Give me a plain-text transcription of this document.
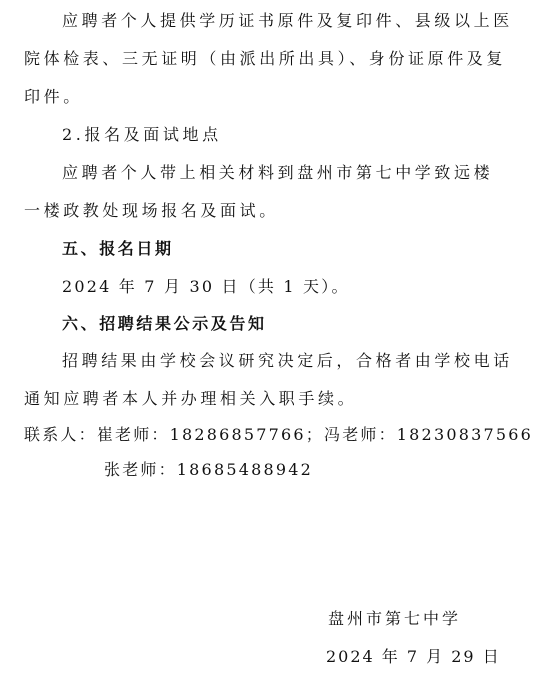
应聘者个人提供学历证书原件及复印件、县级以上医
院体检表、三无证明（由派出所出具）、身份证原件及复
印件。
2.报名及面试地点
应聘者个人带上相关材料到盘州市第七中学致远楼
一楼政教处现场报名及面试。
五、报名日期
2024 年 7 月 30 日（共 1 天）。
六、招聘结果公示及告知
招聘结果由学校会议研究决定后，合格者由学校电话
通知应聘者本人并办理相关入职手续。
联系人：崔老师：18286857766；冯老师：18230837566
张老师：18685488942
盘州市第七中学
2024 年 7 月 29 日
